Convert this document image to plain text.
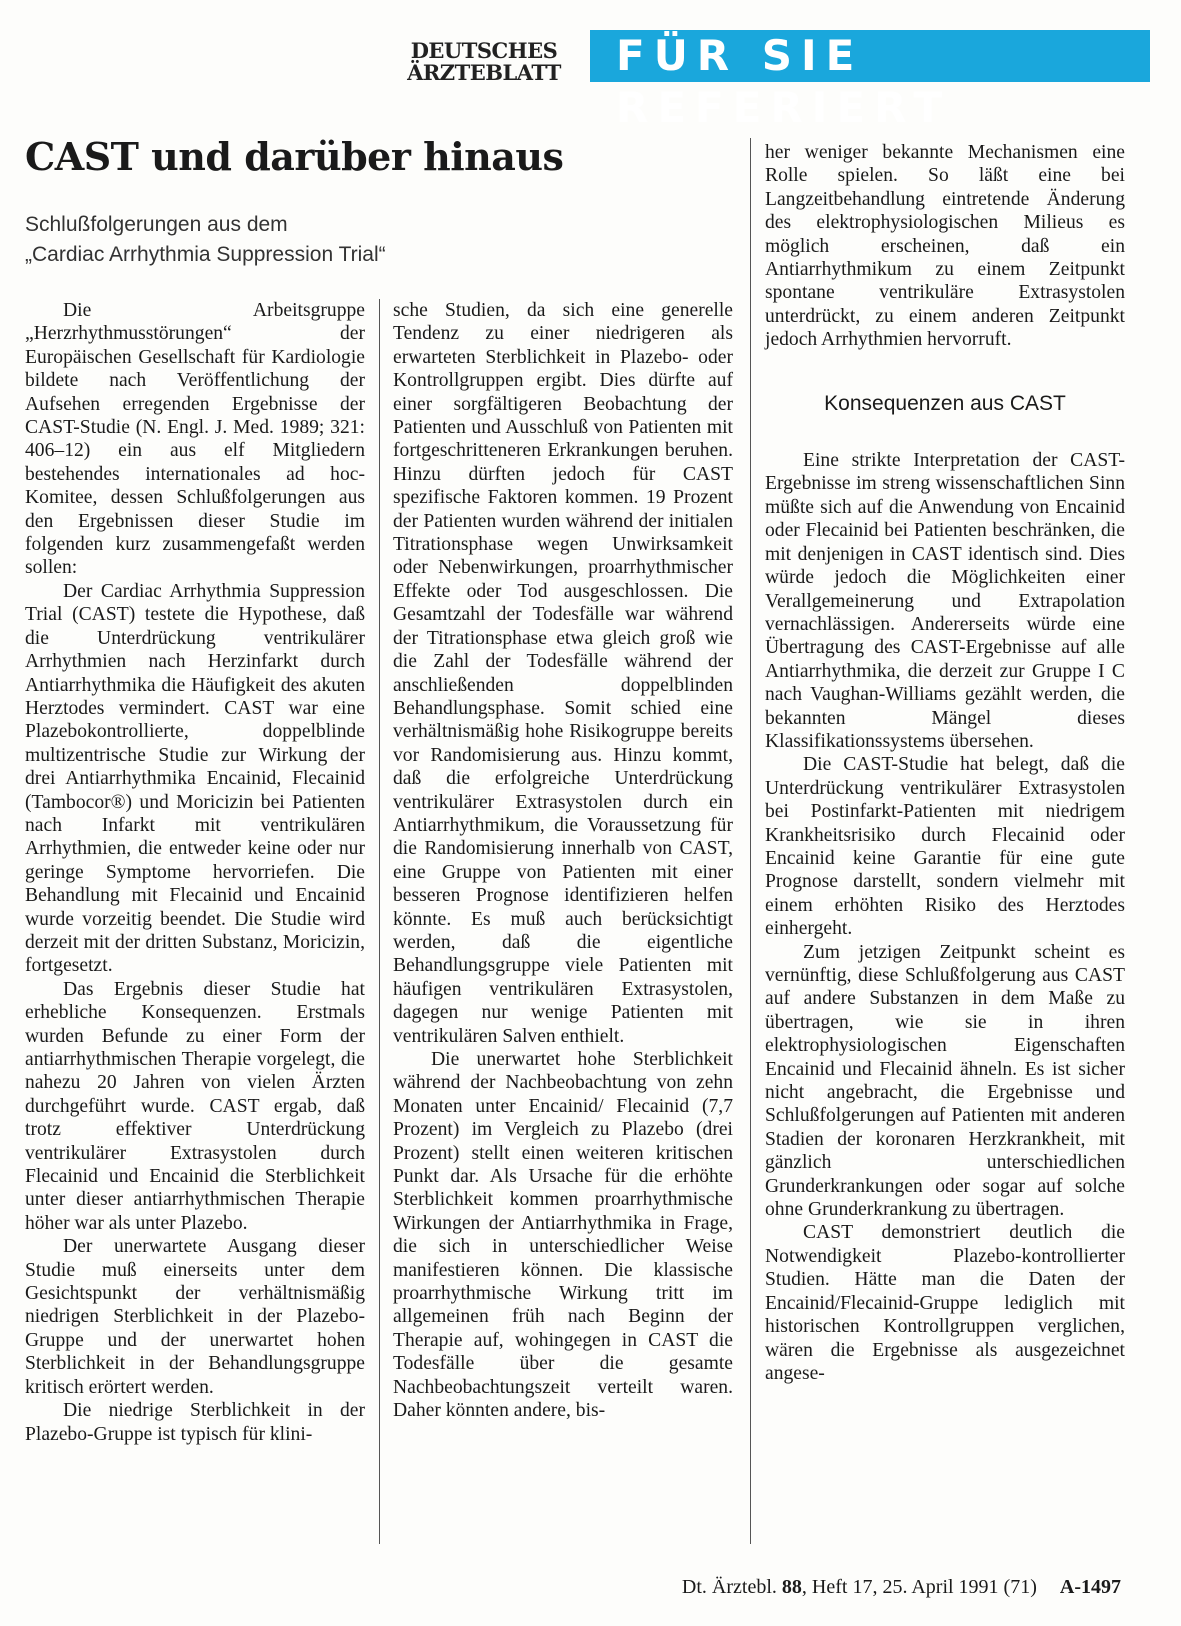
DEUTSCHES
ÄRZTEBLATT	FÜR SIE REFERIERT
CAST und darüber hinaus
Schlußfolgerungen aus dem
„Cardiac Arrhythmia Suppression Trial“

Die Arbeitsgruppe „Herzrhythmusstörungen“ der Europäischen Gesellschaft für Kardiologie bildete nach Veröffentlichung der Aufsehen erregenden Ergebnisse der CAST-Studie (N. Engl. J. Med. 1989; 321: 406–12) ein aus elf Mitgliedern bestehendes internationales ad hoc-Komitee, dessen Schlußfolgerungen aus den Ergebnissen dieser Studie im folgenden kurz zusammengefaßt werden sollen:

Der Cardiac Arrhythmia Suppression Trial (CAST) testete die Hypothese, daß die Unterdrückung ventrikulärer Arrhythmien nach Herzinfarkt durch Antiarrhythmika die Häufigkeit des akuten Herztodes vermindert. CAST war eine Plazebokontrollierte, doppelblinde multizentrische Studie zur Wirkung der drei Antiarrhythmika Encainid, Flecainid (Tambocor®) und Moricizin bei Patienten nach Infarkt mit ventrikulären Arrhythmien, die entweder keine oder nur geringe Symptome hervorriefen. Die Behandlung mit Flecainid und Encainid wurde vorzeitig beendet. Die Studie wird derzeit mit der dritten Substanz, Moricizin, fortgesetzt.

Das Ergebnis dieser Studie hat erhebliche Konsequenzen. Erstmals wurden Befunde zu einer Form der antiarrhythmischen Therapie vorgelegt, die nahezu 20 Jahren von vielen Ärzten durchgeführt wurde. CAST ergab, daß trotz effektiver Unterdrückung ventrikulärer Extrasystolen durch Flecainid und Encainid die Sterblichkeit unter dieser antiarrhythmischen Therapie höher war als unter Plazebo.

Der unerwartete Ausgang dieser Studie muß einerseits unter dem Gesichtspunkt der verhältnismäßig niedrigen Sterblichkeit in der Plazebo-Gruppe und der unerwartet hohen Sterblichkeit in der Behandlungsgruppe kritisch erörtert werden.

Die niedrige Sterblichkeit in der Plazebo-Gruppe ist typisch für klini-

sche Studien, da sich eine generelle Tendenz zu einer niedrigeren als erwarteten Sterblichkeit in Plazebo- oder Kontrollgruppen ergibt. Dies dürfte auf einer sorgfältigeren Beobachtung der Patienten und Ausschluß von Patienten mit fortgeschritteneren Erkrankungen beruhen. Hinzu dürften jedoch für CAST spezifische Faktoren kommen. 19 Prozent der Patienten wurden während der initialen Titrationsphase wegen Unwirksamkeit oder Nebenwirkungen, proarrhythmischer Effekte oder Tod ausgeschlossen. Die Gesamtzahl der Todesfälle war während der Titrationsphase etwa gleich groß wie die Zahl der Todesfälle während der anschließenden doppelblinden Behandlungsphase. Somit schied eine verhältnismäßig hohe Risikogruppe bereits vor Randomisierung aus. Hinzu kommt, daß die erfolgreiche Unterdrückung ventrikulärer Extrasystolen durch ein Antiarrhythmikum, die Voraussetzung für die Randomisierung innerhalb von CAST, eine Gruppe von Patienten mit einer besseren Prognose identifizieren helfen könnte. Es muß auch berücksichtigt werden, daß die eigentliche Behandlungsgruppe viele Patienten mit häufigen ventrikulären Extrasystolen, dagegen nur wenige Patienten mit ventrikulären Salven enthielt.

Die unerwartet hohe Sterblichkeit während der Nachbeobachtung von zehn Monaten unter Encainid/ Flecainid (7,7 Prozent) im Vergleich zu Plazebo (drei Prozent) stellt einen weiteren kritischen Punkt dar. Als Ursache für die erhöhte Sterblichkeit kommen proarrhythmische Wirkungen der Antiarrhythmika in Frage, die sich in unterschiedlicher Weise manifestieren können. Die klassische proarrhythmische Wirkung tritt im allgemeinen früh nach Beginn der Therapie auf, wohingegen in CAST die Todesfälle über die gesamte Nachbeobachtungszeit verteilt waren. Daher könnten andere, bis-

her weniger bekannte Mechanismen eine Rolle spielen. So läßt eine bei Langzeitbehandlung eintretende Änderung des elektrophysiologischen Milieus es möglich erscheinen, daß ein Antiarrhythmikum zu einem Zeitpunkt spontane ventrikuläre Extrasystolen unterdrückt, zu einem anderen Zeitpunkt jedoch Arrhythmien hervorruft.

Konsequenzen aus CAST

Eine strikte Interpretation der CAST-Ergebnisse im streng wissenschaftlichen Sinn müßte sich auf die Anwendung von Encainid oder Flecainid bei Patienten beschränken, die mit denjenigen in CAST identisch sind. Dies würde jedoch die Möglichkeiten einer Verallgemeinerung und Extrapolation vernachlässigen. Andererseits würde eine Übertragung des CAST-Ergebnisse auf alle Antiarrhythmika, die derzeit zur Gruppe I C nach Vaughan-Williams gezählt werden, die bekannten Mängel dieses Klassifikationssystems übersehen.

Die CAST-Studie hat belegt, daß die Unterdrückung ventrikulärer Extrasystolen bei Postinfarkt-Patienten mit niedrigem Krankheitsrisiko durch Flecainid oder Encainid keine Garantie für eine gute Prognose darstellt, sondern vielmehr mit einem erhöhten Risiko des Herztodes einhergeht.

Zum jetzigen Zeitpunkt scheint es vernünftig, diese Schlußfolgerung aus CAST auf andere Substanzen in dem Maße zu übertragen, wie sie in ihren elektrophysiologischen Eigenschaften Encainid und Flecainid ähneln. Es ist sicher nicht angebracht, die Ergebnisse und Schlußfolgerungen auf Patienten mit anderen Stadien der koronaren Herzkrankheit, mit gänzlich unterschiedlichen Grunderkrankungen oder sogar auf solche ohne Grunderkrankung zu übertragen.

CAST demonstriert deutlich die Notwendigkeit Plazebo-kontrollierter Studien. Hätte man die Daten der Encainid/Flecainid-Gruppe lediglich mit historischen Kontrollgruppen verglichen, wären die Ergebnisse als ausgezeichnet angese-

Dt. Ärztebl. 88, Heft 17, 25. April 1991 (71) A-1497
